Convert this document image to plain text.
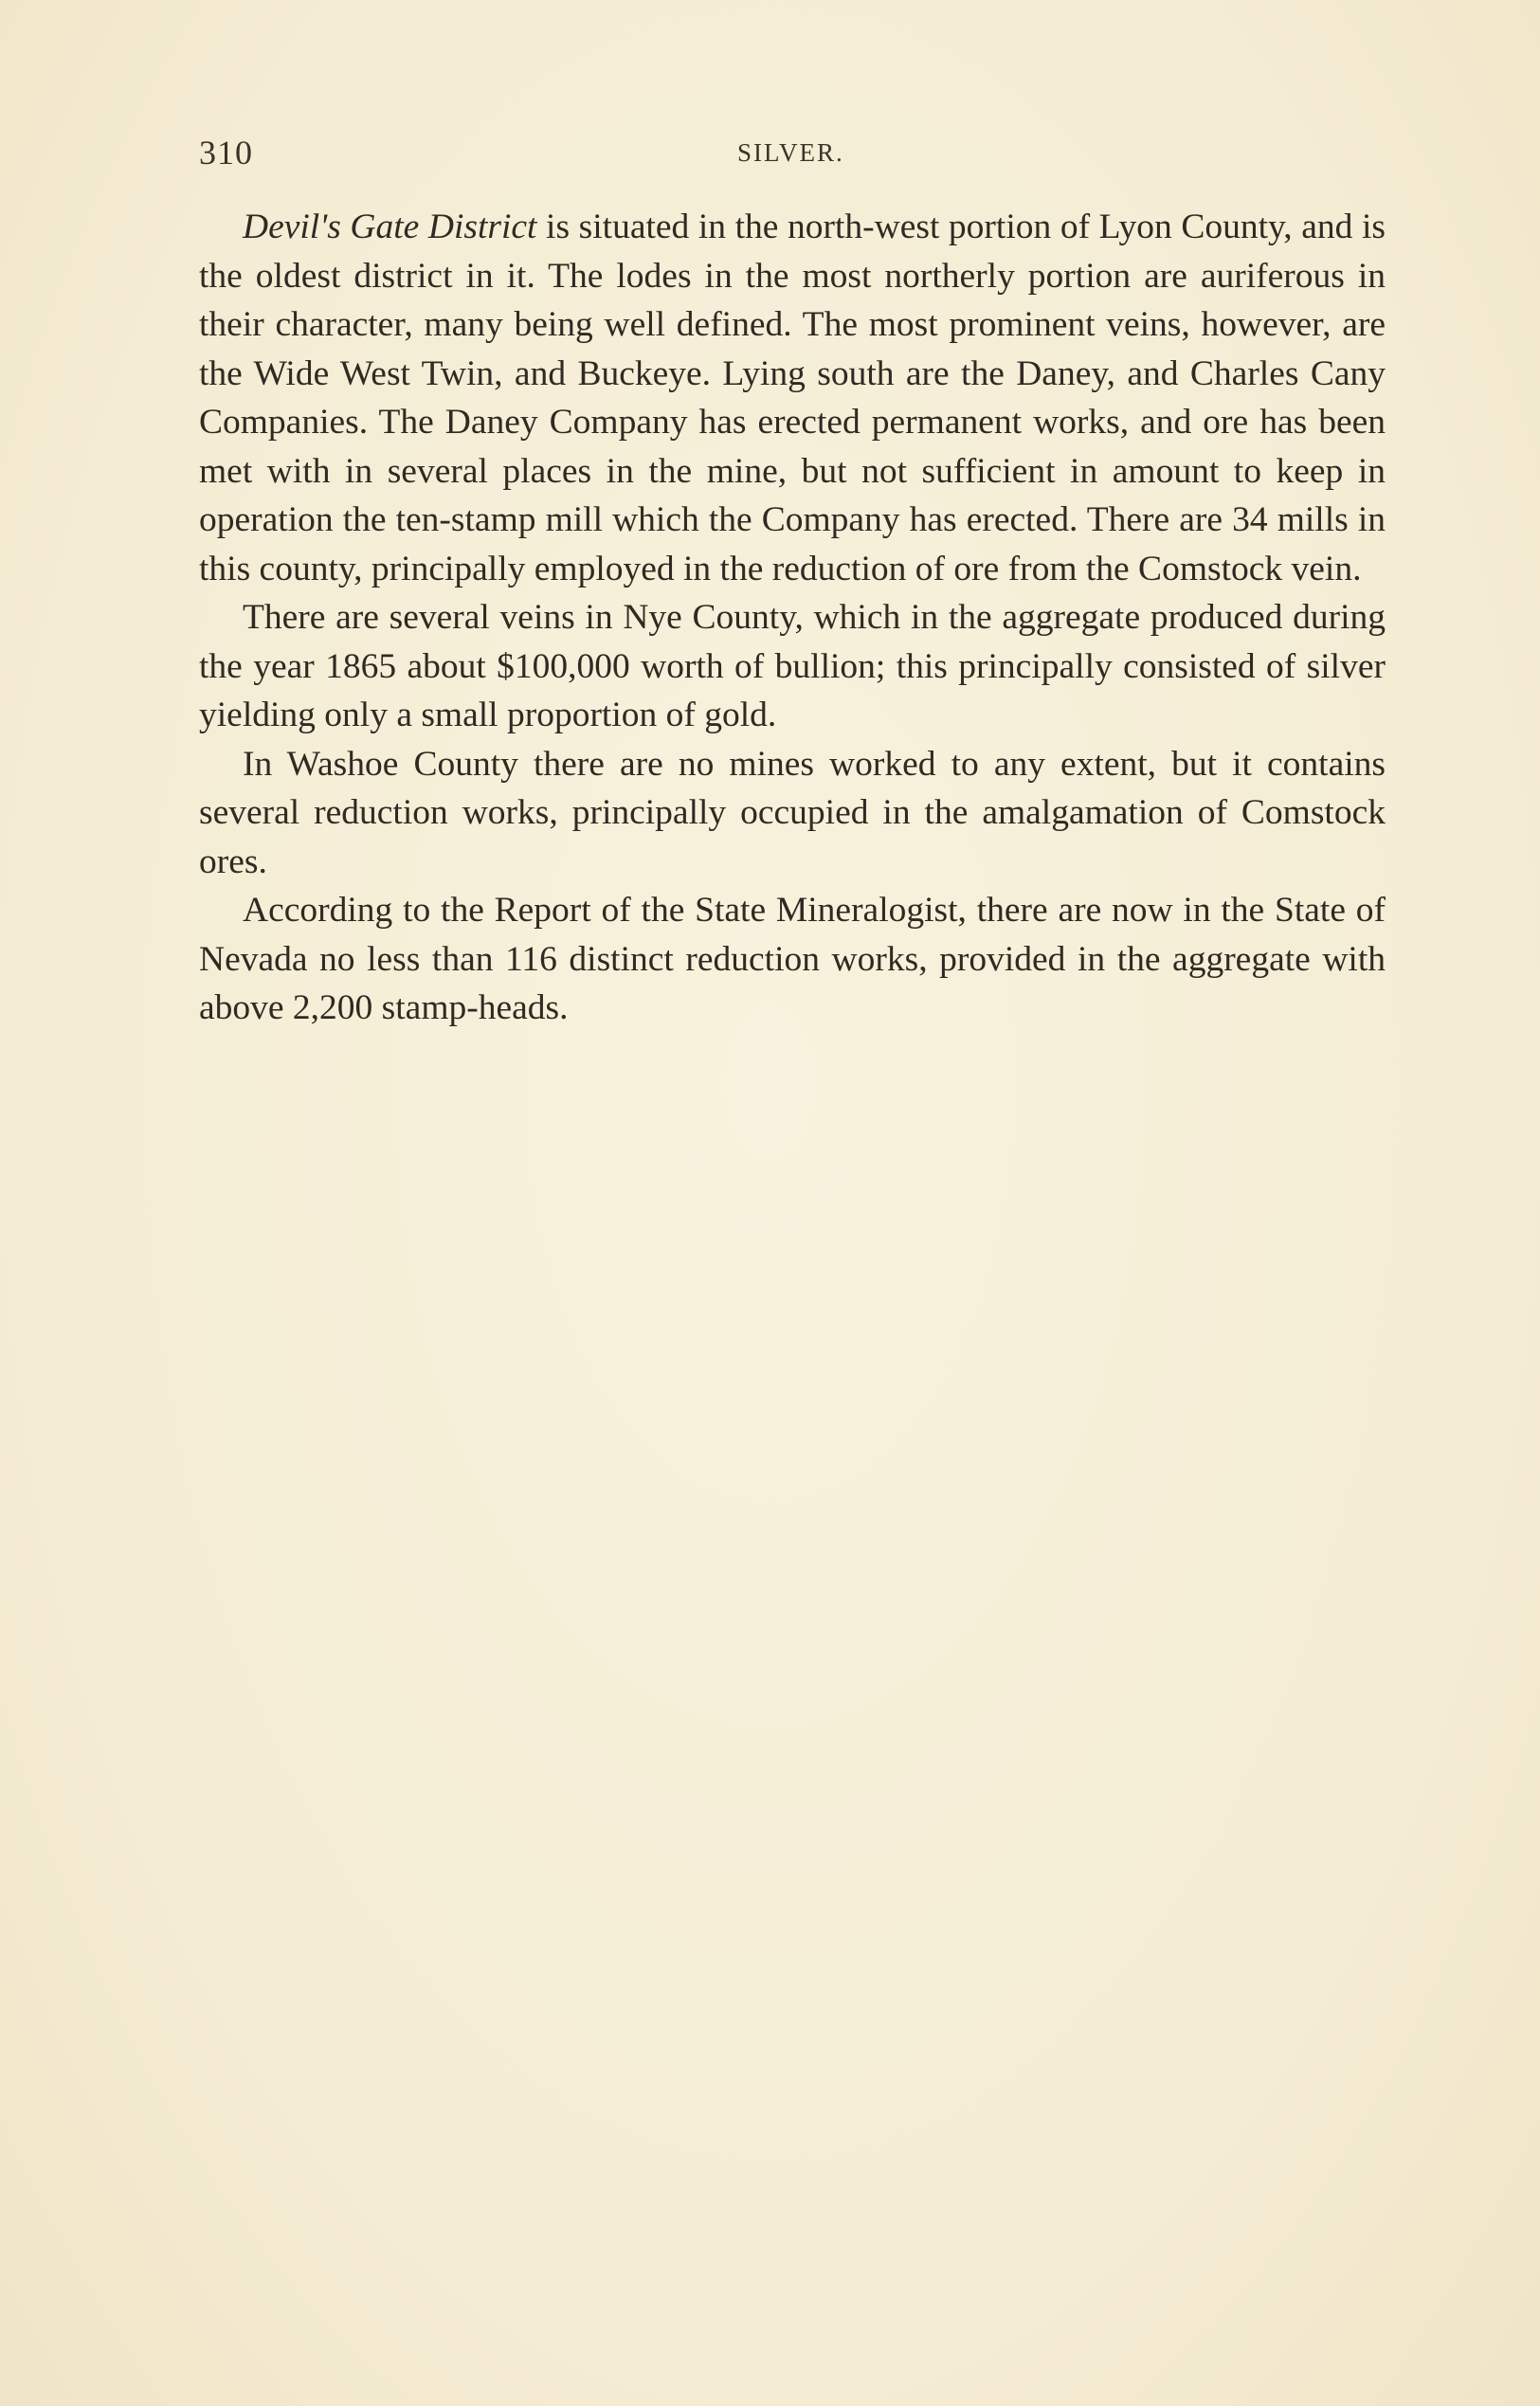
310	SILVER.

Devil's Gate District is situated in the north-west portion of Lyon County, and is the oldest district in it. The lodes in the most northerly portion are auriferous in their character, many being well defined. The most prominent veins, however, are the Wide West Twin, and Buckeye. Lying south are the Daney, and Charles Cany Companies. The Daney Company has erected permanent works, and ore has been met with in several places in the mine, but not sufficient in amount to keep in operation the ten-stamp mill which the Company has erected. There are 34 mills in this county, principally employed in the reduction of ore from the Comstock vein.

There are several veins in Nye County, which in the aggregate produced during the year 1865 about $100,000 worth of bullion; this principally consisted of silver yielding only a small proportion of gold.

In Washoe County there are no mines worked to any extent, but it contains several reduction works, principally occupied in the amalgamation of Comstock ores.

According to the Report of the State Mineralogist, there are now in the State of Nevada no less than 116 distinct reduction works, provided in the aggregate with above 2,200 stamp-heads.
